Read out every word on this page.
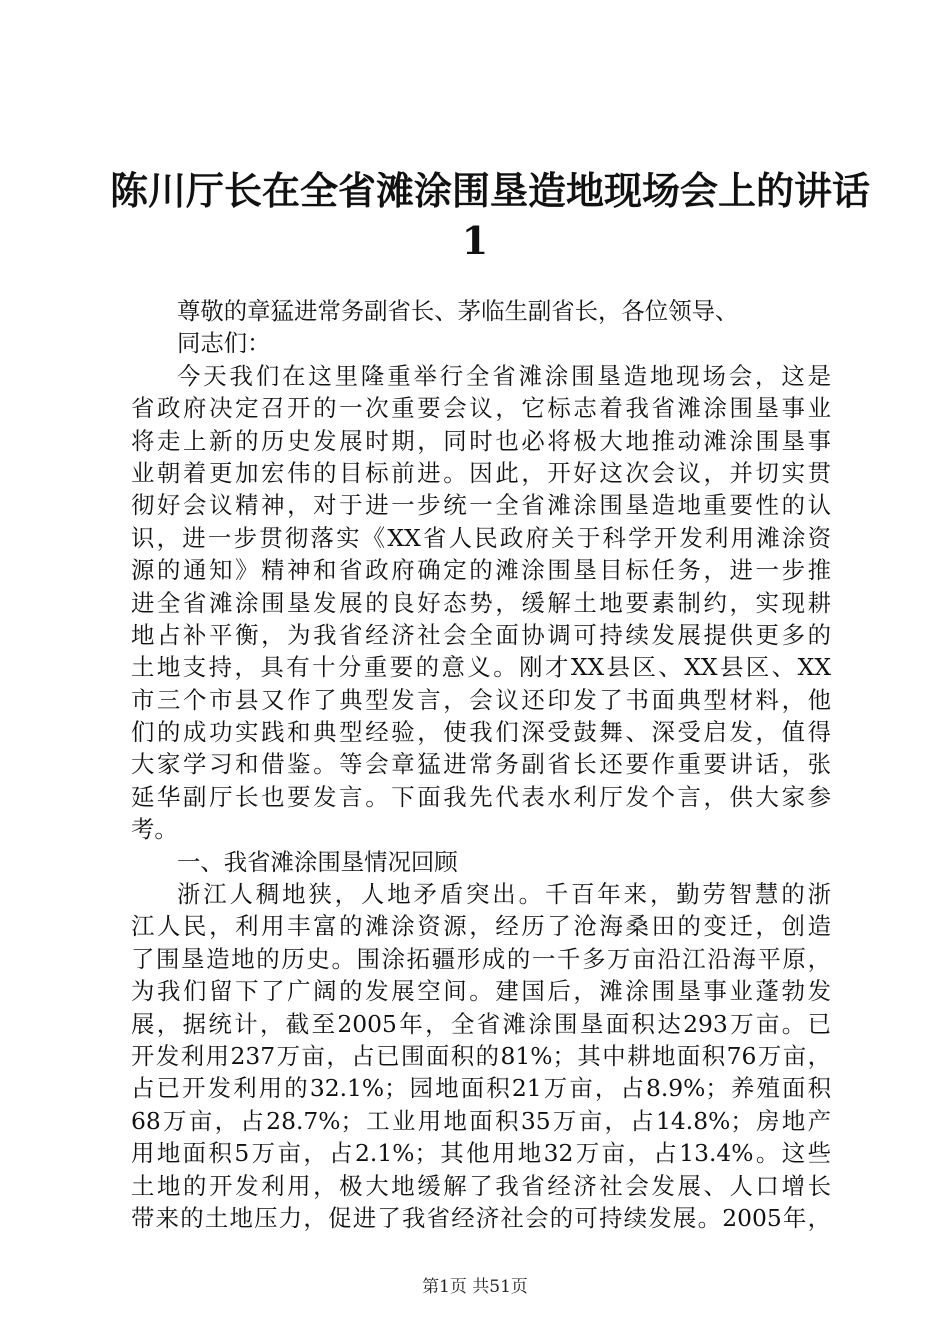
陈川厅长在全省滩涂围垦造地现场会上的讲话
1
尊敬的章猛进常务副省长、茅临生副省长，各位领导、
同志们：
今天我们在这里隆重举行全省滩涂围垦造地现场会，这是
省政府决定召开的一次重要会议，它标志着我省滩涂围垦事业
将走上新的历史发展时期，同时也必将极大地推动滩涂围垦事
业朝着更加宏伟的目标前进。因此，开好这次会议，并切实贯
彻好会议精神，对于进一步统一全省滩涂围垦造地重要性的认
识，进一步贯彻落实《XX省人民政府关于科学开发利用滩涂资
源的通知》精神和省政府确定的滩涂围垦目标任务，进一步推
进全省滩涂围垦发展的良好态势，缓解土地要素制约，实现耕
地占补平衡，为我省经济社会全面协调可持续发展提供更多的
土地支持，具有十分重要的意义。刚才XX县区、XX县区、XX
市三个市县又作了典型发言，会议还印发了书面典型材料，他
们的成功实践和典型经验，使我们深受鼓舞、深受启发，值得
大家学习和借鉴。等会章猛进常务副省长还要作重要讲话，张
延华副厅长也要发言。下面我先代表水利厅发个言，供大家参
考。
一、我省滩涂围垦情况回顾
浙江人稠地狭，人地矛盾突出。千百年来，勤劳智慧的浙
江人民，利用丰富的滩涂资源，经历了沧海桑田的变迁，创造
了围垦造地的历史。围涂拓疆形成的一千多万亩沿江沿海平原，
为我们留下了广阔的发展空间。建国后，滩涂围垦事业蓬勃发
展，据统计，截至2005年，全省滩涂围垦面积达293万亩。已
开发利用237万亩，占已围面积的81%；其中耕地面积76万亩，
占已开发利用的32.1%；园地面积21万亩，占8.9%；养殖面积
68万亩，占28.7%；工业用地面积35万亩，占14.8%；房地产
用地面积5万亩，占2.1%；其他用地32万亩，占13.4%。这些
土地的开发利用，极大地缓解了我省经济社会发展、人口增长
带来的土地压力，促进了我省经济社会的可持续发展。2005年，
第1页 共51页
